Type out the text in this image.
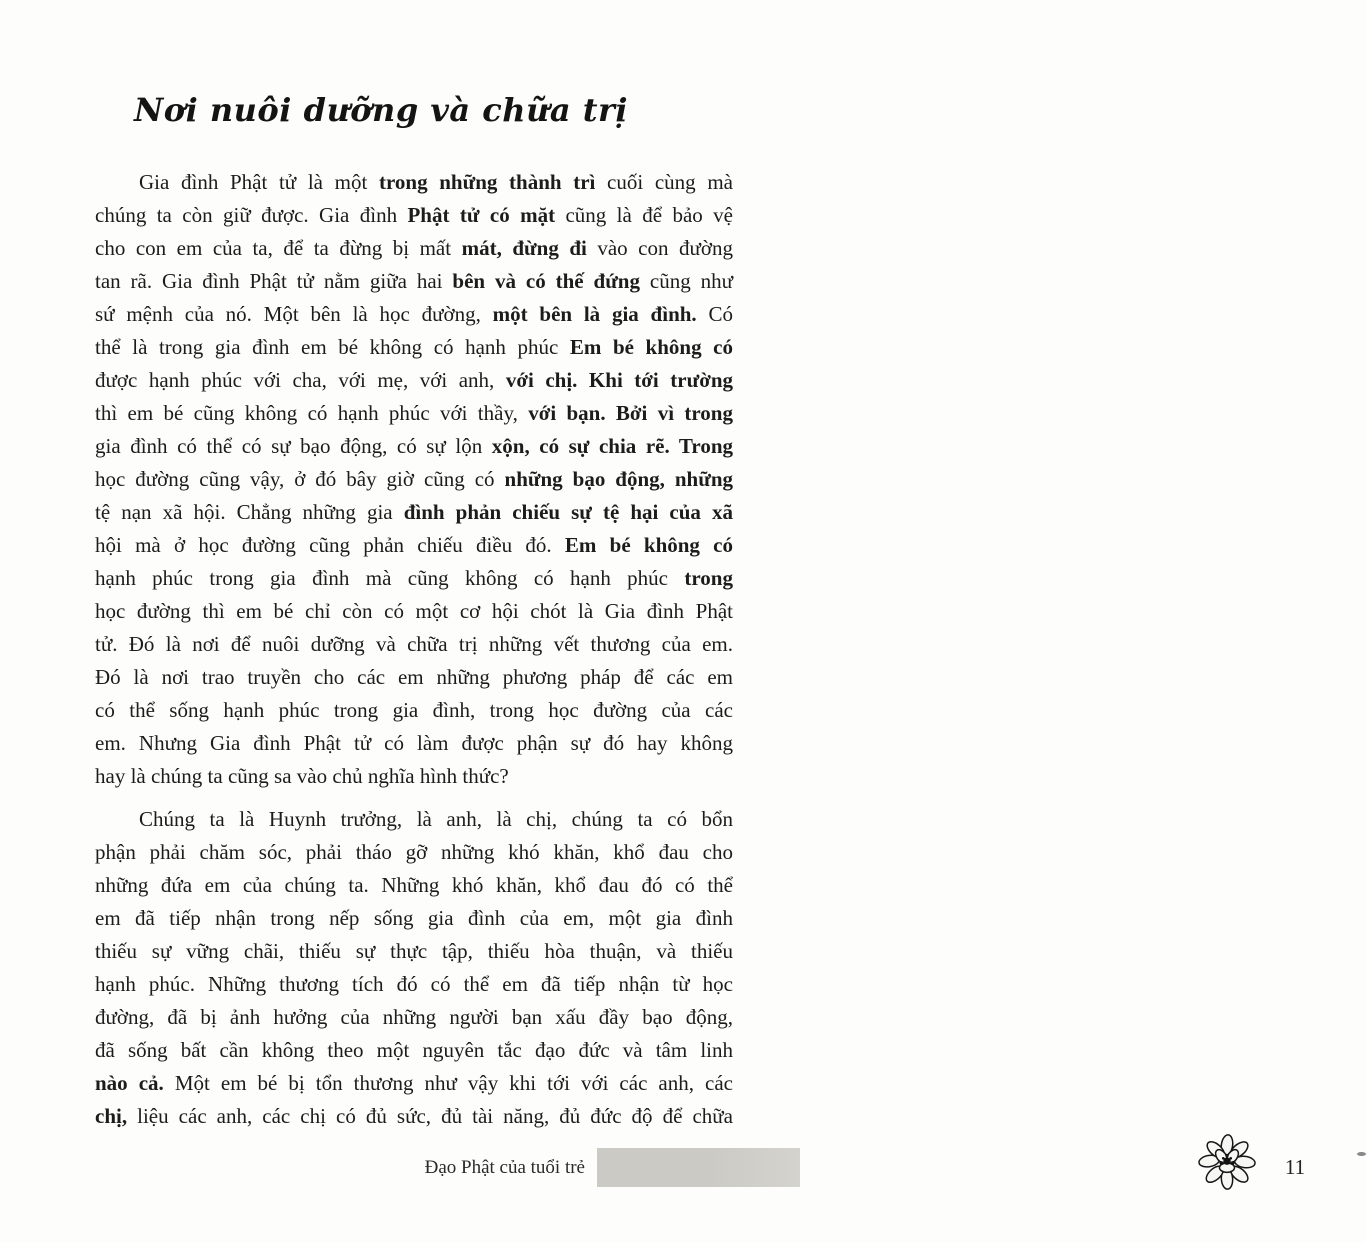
Nơi nuôi dưỡng và chữa trị
Gia đình Phật tử là một trong những thành trì cuối cùng mà
chúng ta còn giữ được. Gia đình Phật tử có mặt cũng là để bảo vệ
cho con em của ta, để ta đừng bị mất mát, đừng đi vào con đường
tan rã. Gia đình Phật tử nằm giữa hai bên và có thế đứng cũng như
sứ mệnh của nó. Một bên là học đường, một bên là gia đình. Có
thể là trong gia đình em bé không có hạnh phúc Em bé không có
được hạnh phúc với cha, với mẹ, với anh, với chị. Khi tới trường
thì em bé cũng không có hạnh phúc với thầy, với bạn. Bởi vì trong
gia đình có thể có sự bạo động, có sự lộn xộn, có sự chia rẽ. Trong
học đường cũng vậy, ở đó bây giờ cũng có những bạo động, những
tệ nạn xã hội. Chẳng những gia đình phản chiếu sự tệ hại của xã
hội mà ở học đường cũng phản chiếu điều đó. Em bé không có
hạnh phúc trong gia đình mà cũng không có hạnh phúc trong
học đường thì em bé chỉ còn có một cơ hội chót là Gia đình Phật
tử. Đó là nơi để nuôi dưỡng và chữa trị những vết thương của em.
Đó là nơi trao truyền cho các em những phương pháp để các em
có thể sống hạnh phúc trong gia đình, trong học đường của các
em. Nhưng Gia đình Phật tử có làm được phận sự đó hay không
hay là chúng ta cũng sa vào chủ nghĩa hình thức?
Chúng ta là Huynh trưởng, là anh, là chị, chúng ta có bổn
phận phải chăm sóc, phải tháo gỡ những khó khăn, khổ đau cho
những đứa em của chúng ta. Những khó khăn, khổ đau đó có thể
em đã tiếp nhận trong nếp sống gia đình của em, một gia đình
thiếu sự vững chãi, thiếu sự thực tập, thiếu hòa thuận, và thiếu
hạnh phúc. Những thương tích đó có thể em đã tiếp nhận từ học
đường, đã bị ảnh hưởng của những người bạn xấu đầy bạo động,
đã sống bất cần không theo một nguyên tắc đạo đức và tâm linh
nào cả. Một em bé bị tổn thương như vậy khi tới với các anh, các
chị, liệu các anh, các chị có đủ sức, đủ tài năng, đủ đức độ để chữa
Đạo Phật của tuổi trẻ	11
